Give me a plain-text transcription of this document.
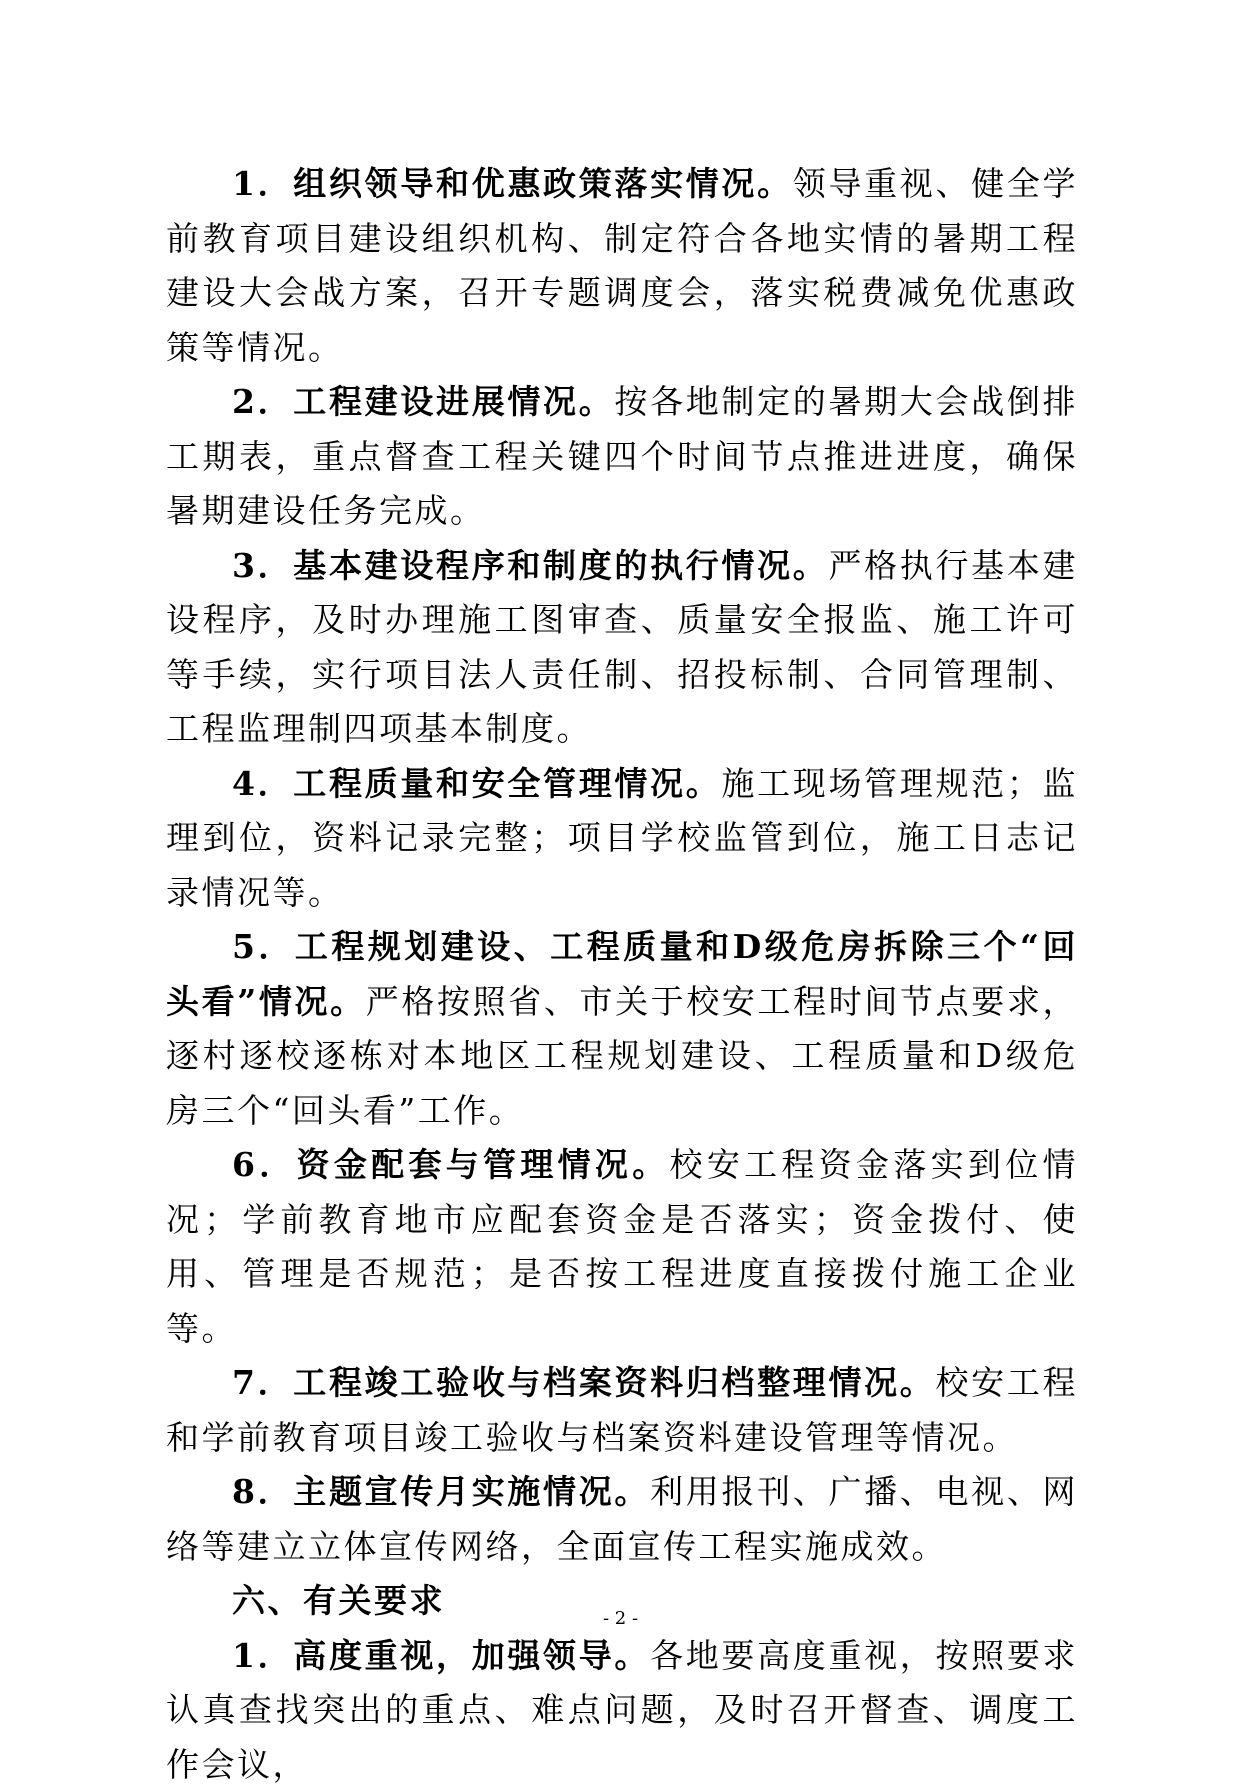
1．组织领导和优惠政策落实情况。领导重视、健全学前教育项目建设组织机构、制定符合各地实情的暑期工程建设大会战方案，召开专题调度会，落实税费减免优惠政策等情况。

2．工程建设进展情况。按各地制定的暑期大会战倒排工期表，重点督查工程关键四个时间节点推进进度，确保暑期建设任务完成。

3．基本建设程序和制度的执行情况。严格执行基本建设程序，及时办理施工图审查、质量安全报监、施工许可等手续，实行项目法人责任制、招投标制、合同管理制、工程监理制四项基本制度。

4．工程质量和安全管理情况。施工现场管理规范；监理到位，资料记录完整；项目学校监管到位，施工日志记录情况等。

5．工程规划建设、工程质量和D级危房拆除三个“回头看”情况。严格按照省、市关于校安工程时间节点要求，逐村逐校逐栋对本地区工程规划建设、工程质量和D级危房三个“回头看”工作。

6．资金配套与管理情况。校安工程资金落实到位情况；学前教育地市应配套资金是否落实；资金拨付、使用、管理是否规范；是否按工程进度直接拨付施工企业等。

7．工程竣工验收与档案资料归档整理情况。校安工程和学前教育项目竣工验收与档案资料建设管理等情况。

8．主题宣传月实施情况。利用报刊、广播、电视、网络等建立立体宣传网络，全面宣传工程实施成效。

六、有关要求

1．高度重视，加强领导。各地要高度重视，按照要求认真查找突出的重点、难点问题，及时召开督查、调度工作会议，

- 2 -
